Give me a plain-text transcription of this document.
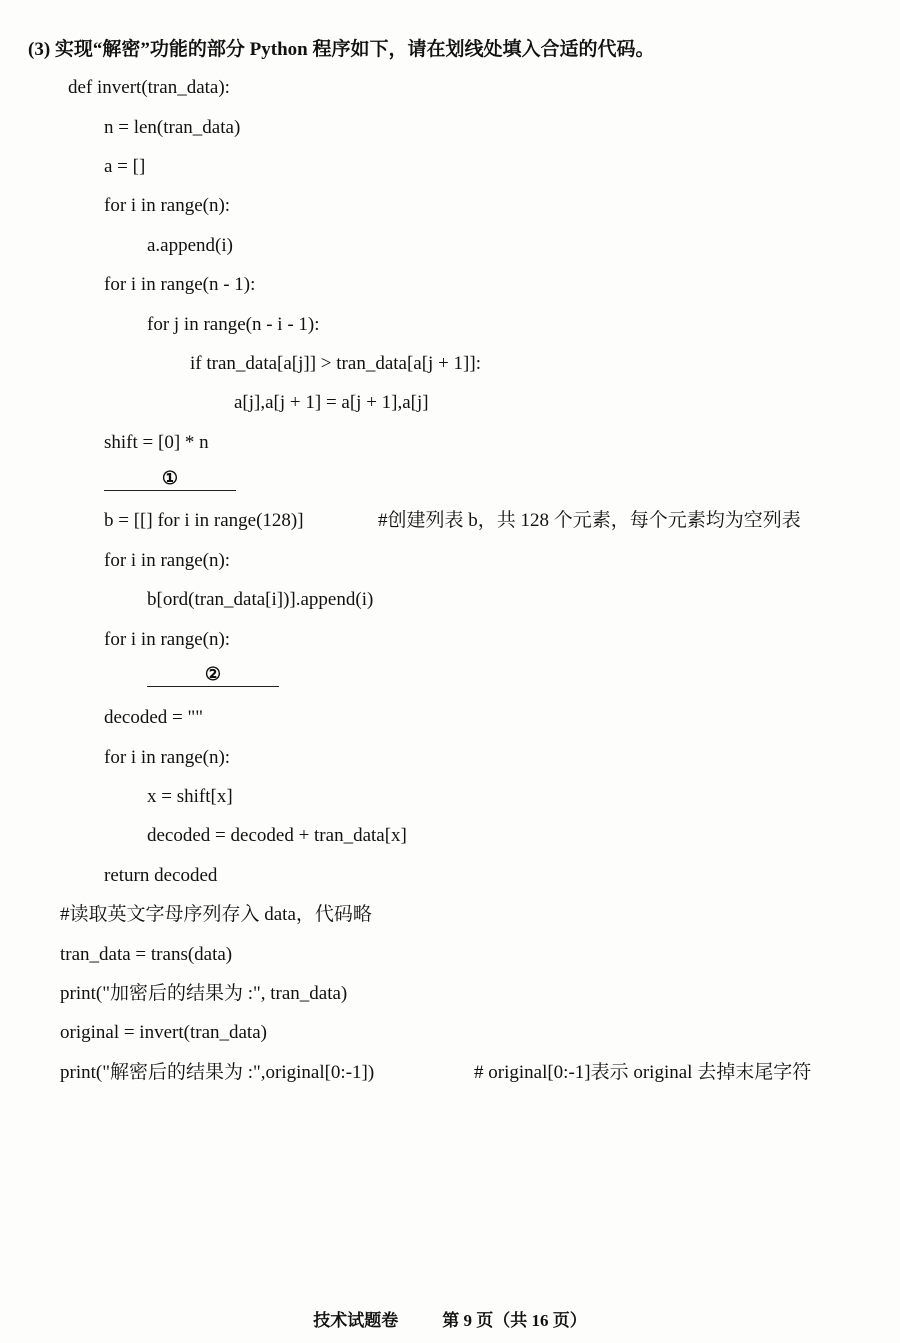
(3) 实现“解密”功能的部分 Python 程序如下，请在划线处填入合适的代码。
def invert(tran_data):
n = len(tran_data)
a = []
for i in range(n):
a.append(i)
for i in range(n - 1):
for j in range(n - i - 1):
if tran_data[a[j]] > tran_data[a[j + 1]]:
a[j],a[j + 1] = a[j + 1],a[j]
shift = [0] * n
①
b = [[] for i in range(128)]	#创建列表 b，共 128 个元素，每个元素均为空列表
for i in range(n):
b[ord(tran_data[i])].append(i)
for i in range(n):
②
decoded = ""
for i in range(n):
x = shift[x]
decoded = decoded + tran_data[x]
return decoded
#读取英文字母序列存入 data，代码略
tran_data = trans(data)
print("加密后的结果为 :", tran_data)
original = invert(tran_data)
print("解密后的结果为 :",original[0:-1])	# original[0:-1]表示 original 去掉末尾字符
技术试题卷	第 9 页（共 16 页）
